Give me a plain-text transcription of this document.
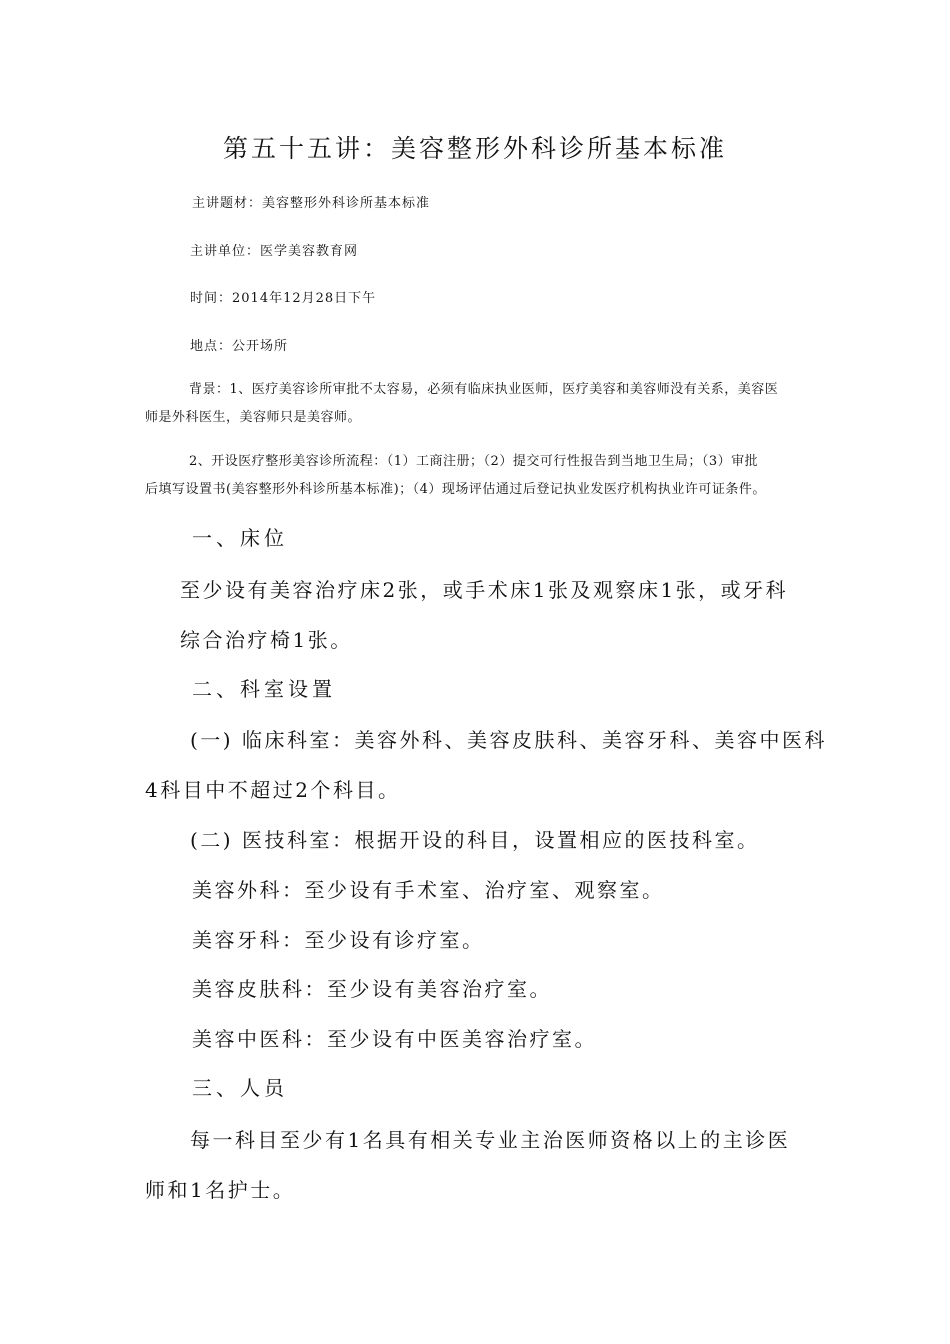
第五十五讲：美容整形外科诊所基本标准
主讲题材：美容整形外科诊所基本标准
主讲单位：医学美容教育网
时间：2014年12月28日下午
地点：公开场所
背景：1、医疗美容诊所审批不太容易，必须有临床执业医师，医疗美容和美容师没有关系，美容医
师是外科医生，美容师只是美容师。
2、开设医疗整形美容诊所流程：（1）工商注册；（2）提交可行性报告到当地卫生局；（3）审批
后填写设置书(美容整形外科诊所基本标准)；（4）现场评估通过后登记执业发医疗机构执业许可证条件。
一、床位
至少设有美容治疗床2张，或手术床1张及观察床1张，或牙科
综合治疗椅1张。
二、科室设置
(一) 临床科室：美容外科、美容皮肤科、美容牙科、美容中医科
4科目中不超过2个科目。
(二) 医技科室：根据开设的科目，设置相应的医技科室。
美容外科：至少设有手术室、治疗室、观察室。
美容牙科：至少设有诊疗室。
美容皮肤科：至少设有美容治疗室。
美容中医科：至少设有中医美容治疗室。
三、人员
每一科目至少有1名具有相关专业主治医师资格以上的主诊医
师和1名护士。
